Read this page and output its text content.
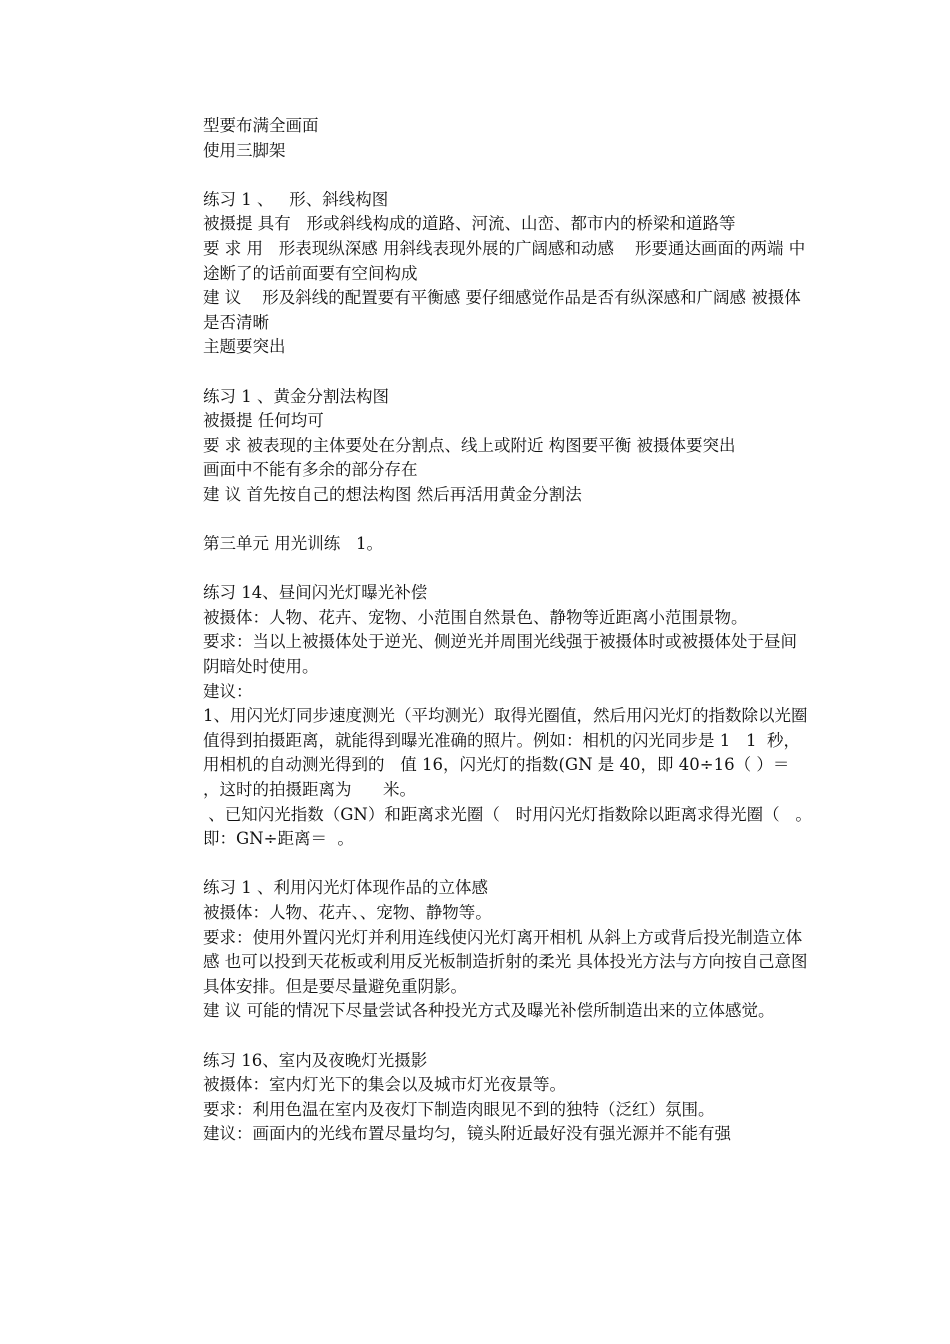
型要布满全画面

使用三脚架

练习 1 、   形、斜线构图

被摄提 具有   形或斜线构成的道路、河流、山峦、都市内的桥梁和道路等

要 求 用   形表现纵深感 用斜线表现外展的广阔感和动感    形要通达画面的两端 中途断了的话前面要有空间构成

建 议    形及斜线的配置要有平衡感 要仔细感觉作品是否有纵深感和广阔感 被摄体是否清晰

主题要突出

练习 1 、黄金分割法构图

被摄提 任何均可

要 求 被表现的主体要处在分割点、线上或附近 构图要平衡 被摄体要突出

画面中不能有多余的部分存在

建 议 首先按自己的想法构图 然后再活用黄金分割法

第三单元 用光训练   1。

练习 14、昼间闪光灯曝光补偿

被摄体：人物、花卉、宠物、小范围自然景色、静物等近距离小范围景物。

要求：当以上被摄体处于逆光、侧逆光并周围光线强于被摄体时或被摄体处于昼间阴暗处时使用。

建议：

1、用闪光灯同步速度测光（平均测光）取得光圈值，然后用闪光灯的指数除以光圈值得到拍摄距离，就能得到曝光准确的照片。例如：相机的闪光同步是 1   1  秒，用相机的自动测光得到的   值 16，闪光灯的指数(GN 是 40，即 40÷16（ ）＝      ，这时的拍摄距离为      米。

、已知闪光指数（GN）和距离求光圈（   时用闪光灯指数除以距离求得光圈（   。即：GN÷距离＝  。

练习 1 、利用闪光灯体现作品的立体感

被摄体：人物、花卉、、宠物、静物等。

要求：使用外置闪光灯并利用连线使闪光灯离开相机 从斜上方或背后投光制造立体感 也可以投到天花板或利用反光板制造折射的柔光 具体投光方法与方向按自己意图具体安排。但是要尽量避免重阴影。

建 议 可能的情况下尽量尝试各种投光方式及曝光补偿所制造出来的立体感觉。

练习 16、室内及夜晚灯光摄影

被摄体：室内灯光下的集会以及城市灯光夜景等。

要求：利用色温在室内及夜灯下制造肉眼见不到的独特（泛红）氛围。

建议：画面内的光线布置尽量均匀，镜头附近最好没有强光源并不能有强
